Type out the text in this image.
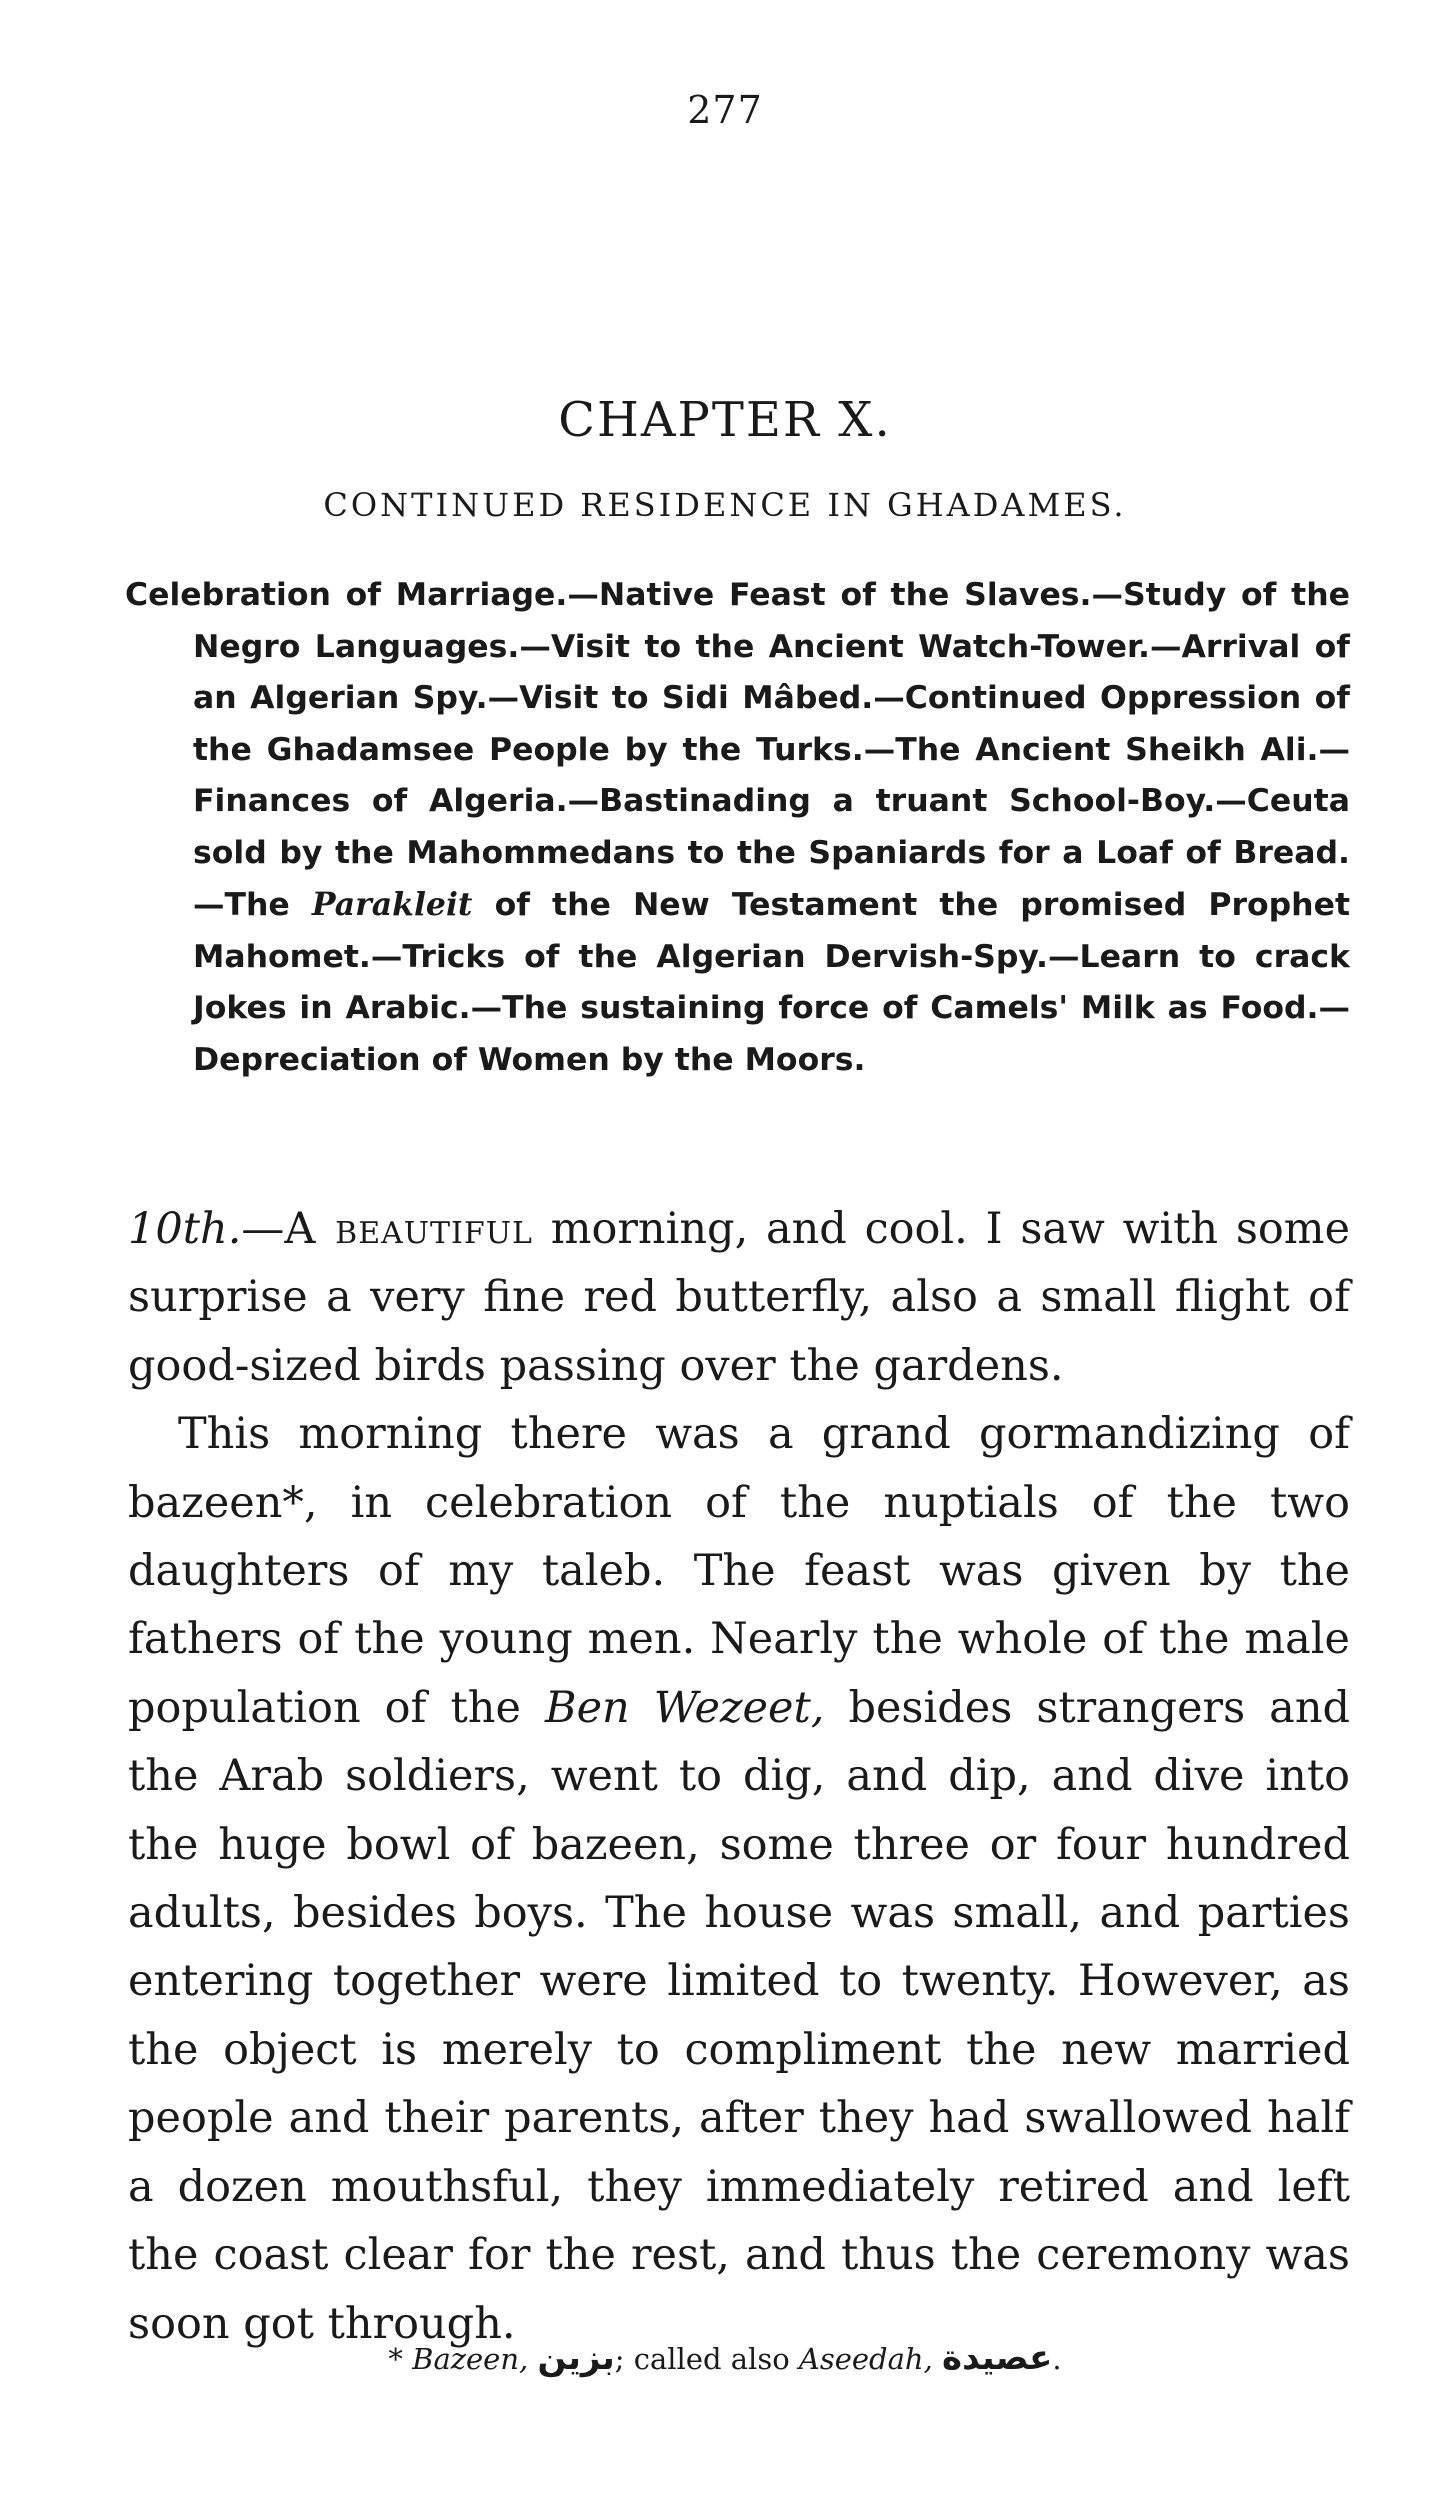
277
CHAPTER X.
CONTINUED RESIDENCE IN GHADAMES.
Celebration of Marriage.—Native Feast of the Slaves.—Study of the Negro Languages.—Visit to the Ancient Watch-Tower.—Arrival of an Algerian Spy.—Visit to Sidi Mâbed.—Continued Oppression of the Ghadamsee People by the Turks.—The Ancient Sheikh Ali.—Finances of Algeria.—Bastinading a truant School-Boy.—Ceuta sold by the Mahommedans to the Spaniards for a Loaf of Bread.—The Parakleit of the New Testament the promised Prophet Mahomet.—Tricks of the Algerian Dervish-Spy.—Learn to crack Jokes in Arabic.—The sustaining force of Camels' Milk as Food.—Depreciation of Women by the Moors.

10th.—A beautiful morning, and cool. I saw with some surprise a very fine red butterfly, also a small flight of good-sized birds passing over the gardens.

This morning there was a grand gormandizing of bazeen*, in celebration of the nuptials of the two daughters of my taleb. The feast was given by the fathers of the young men. Nearly the whole of the male population of the Ben Wezeet, besides strangers and the Arab soldiers, went to dig, and dip, and dive into the huge bowl of bazeen, some three or four hundred adults, besides boys. The house was small, and parties entering together were limited to twenty. However, as the object is merely to compliment the new married people and their parents, after they had swallowed half a dozen mouthsful, they immediately retired and left the coast clear for the rest, and thus the ceremony was soon got through.

* Bazeen, بزين; called also Aseedah, عصيدة.
